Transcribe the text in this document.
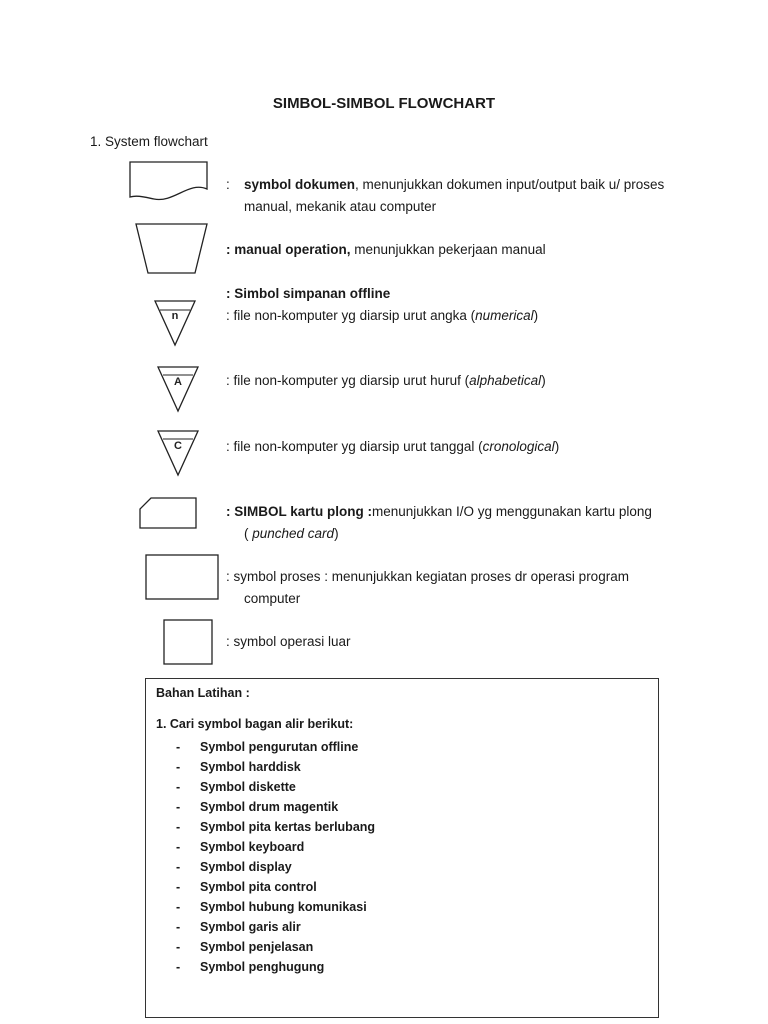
SIMBOL-SIMBOL FLOWCHART
1. System flowchart
: symbol dokumen, menunjukkan dokumen input/output baik u/ proses
manual, mekanik atau computer
: manual operation, menunjukkan pekerjaan manual
: Simbol simpanan offline
n	: file non-komputer yg diarsip urut angka (numerical)
A	: file non-komputer yg diarsip urut huruf (alphabetical)
C	: file non-komputer yg diarsip urut tanggal (cronological)
: SIMBOL kartu plong :menunjukkan I/O yg menggunakan kartu plong
( punched card)
: symbol proses : menunjukkan kegiatan proses dr operasi program
computer
: symbol operasi luar
Bahan Latihan :
1. Cari symbol bagan alir berikut:
- Symbol pengurutan offline
- Symbol harddisk
- Symbol diskette
- Symbol drum magentik
- Symbol pita kertas berlubang
- Symbol keyboard
- Symbol display
- Symbol pita control
- Symbol hubung komunikasi
- Symbol garis alir
- Symbol penjelasan
- Symbol penghugung
